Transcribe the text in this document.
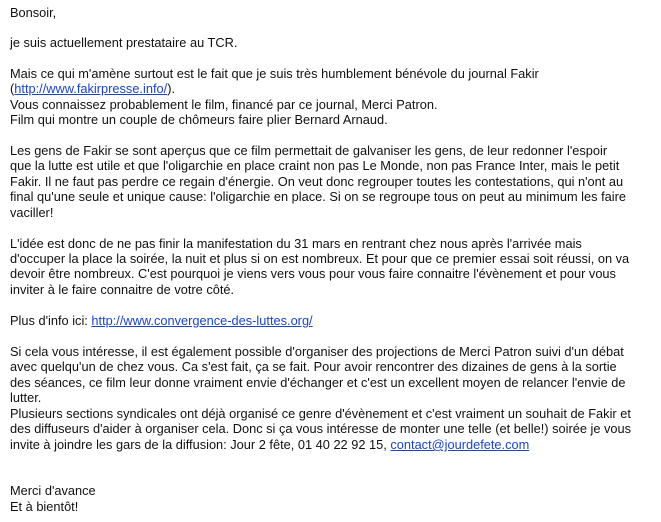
Bonsoir,
je suis actuellement prestataire au TCR.
Mais ce qui m'amène surtout est le fait que je suis très humblement bénévole du journal Fakir
(http://www.fakirpresse.info/).
Vous connaissez probablement le film, financé par ce journal, Merci Patron.
Film qui montre un couple de chômeurs faire plier Bernard Arnaud.
Les gens de Fakir se sont aperçus que ce film permettait de galvaniser les gens, de leur redonner l'espoir
que la lutte est utile et que l'oligarchie en place craint non pas Le Monde, non pas France Inter, mais le petit
Fakir. Il ne faut pas perdre ce regain d'énergie. On veut donc regrouper toutes les contestations, qui n'ont au
final qu'une seule et unique cause: l'oligarchie en place. Si on se regroupe tous on peut au minimum les faire
vaciller!
L'idée est donc de ne pas finir la manifestation du 31 mars en rentrant chez nous après l'arrivée mais
d'occuper la place la soirée, la nuit et plus si on est nombreux. Et pour que ce premier essai soit réussi, on va
devoir être nombreux. C'est pourquoi je viens vers vous pour vous faire connaitre l'évènement et pour vous
inviter à le faire connaitre de votre côté.
Plus d'info ici: http://www.convergence-des-luttes.org/
Si cela vous intéresse, il est également possible d'organiser des projections de Merci Patron suivi d'un débat
avec quelqu'un de chez vous. Ca s'est fait, ça se fait. Pour avoir rencontrer des dizaines de gens à la sortie
des séances, ce film leur donne vraiment envie d'échanger et c'est un excellent moyen de relancer l'envie de
lutter.
Plusieurs sections syndicales ont déjà organisé ce genre d'évènement et c'est vraiment un souhait de Fakir et
des diffuseurs d'aider à organiser cela. Donc si ça vous intéresse de monter une telle (et belle!) soirée je vous
invite à joindre les gars de la diffusion: Jour 2 fête, 01 40 22 92 15, contact@jourdefete.com
Merci d'avance
Et à bientôt!
